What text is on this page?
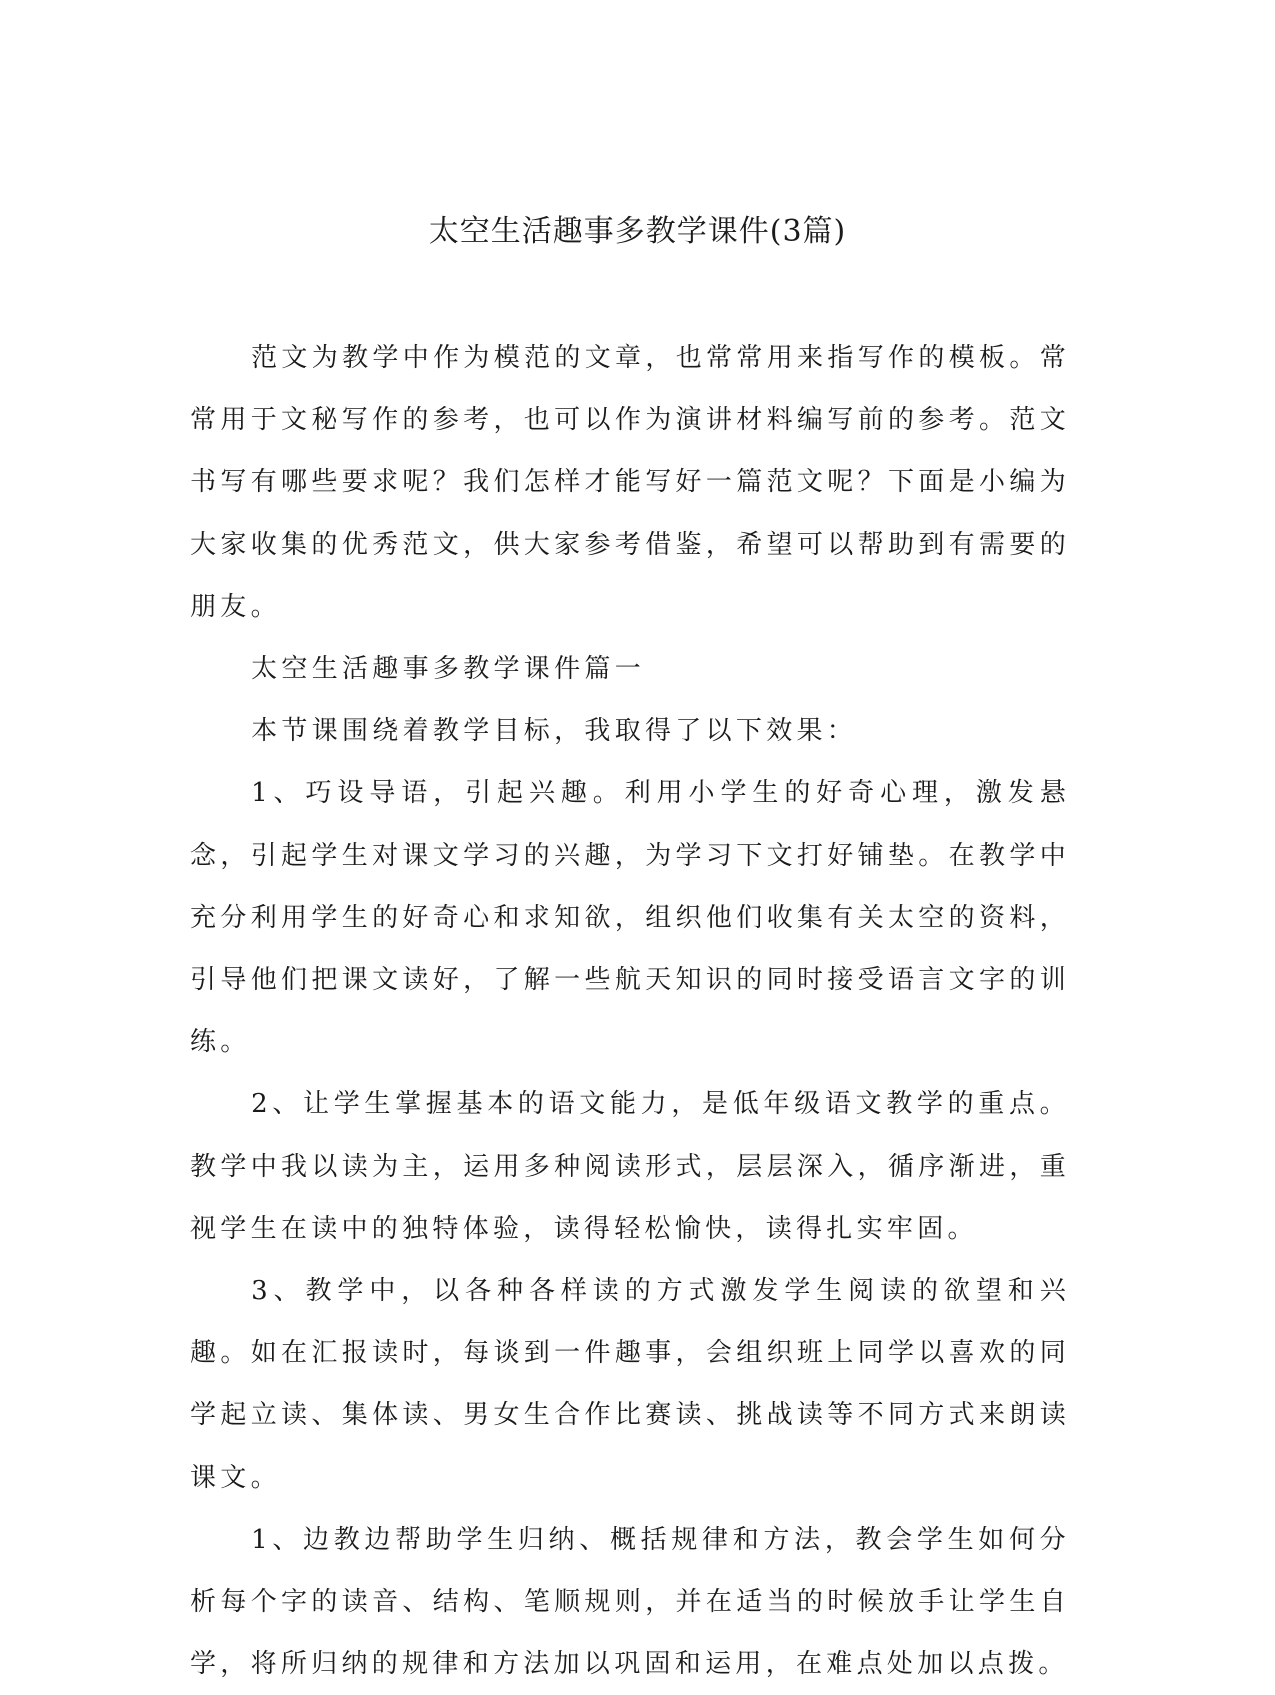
太空生活趣事多教学课件(3篇)

范文为教学中作为模范的文章，也常常用来指写作的模板。常常用于文秘写作的参考，也可以作为演讲材料编写前的参考。范文书写有哪些要求呢？我们怎样才能写好一篇范文呢？下面是小编为大家收集的优秀范文，供大家参考借鉴，希望可以帮助到有需要的朋友。

太空生活趣事多教学课件篇一

本节课围绕着教学目标，我取得了以下效果：

1、巧设导语，引起兴趣。利用小学生的好奇心理，激发悬念，引起学生对课文学习的兴趣，为学习下文打好铺垫。在教学中充分利用学生的好奇心和求知欲，组织他们收集有关太空的资料，引导他们把课文读好，了解一些航天知识的同时接受语言文字的训练。

2、让学生掌握基本的语文能力，是低年级语文教学的重点。教学中我以读为主，运用多种阅读形式，层层深入，循序渐进，重视学生在读中的独特体验，读得轻松愉快，读得扎实牢固。

3、教学中，以各种各样读的方式激发学生阅读的欲望和兴趣。如在汇报读时，每谈到一件趣事，会组织班上同学以喜欢的同学起立读、集体读、男女生合作比赛读、挑战读等不同方式来朗读课文。

1、边教边帮助学生归纳、概括规律和方法，教会学生如何分析每个字的读音、结构、笔顺规则，并在适当的时候放手让学生自学，将所归纳的规律和方法加以巩固和运用，在难点处加以点拨。
